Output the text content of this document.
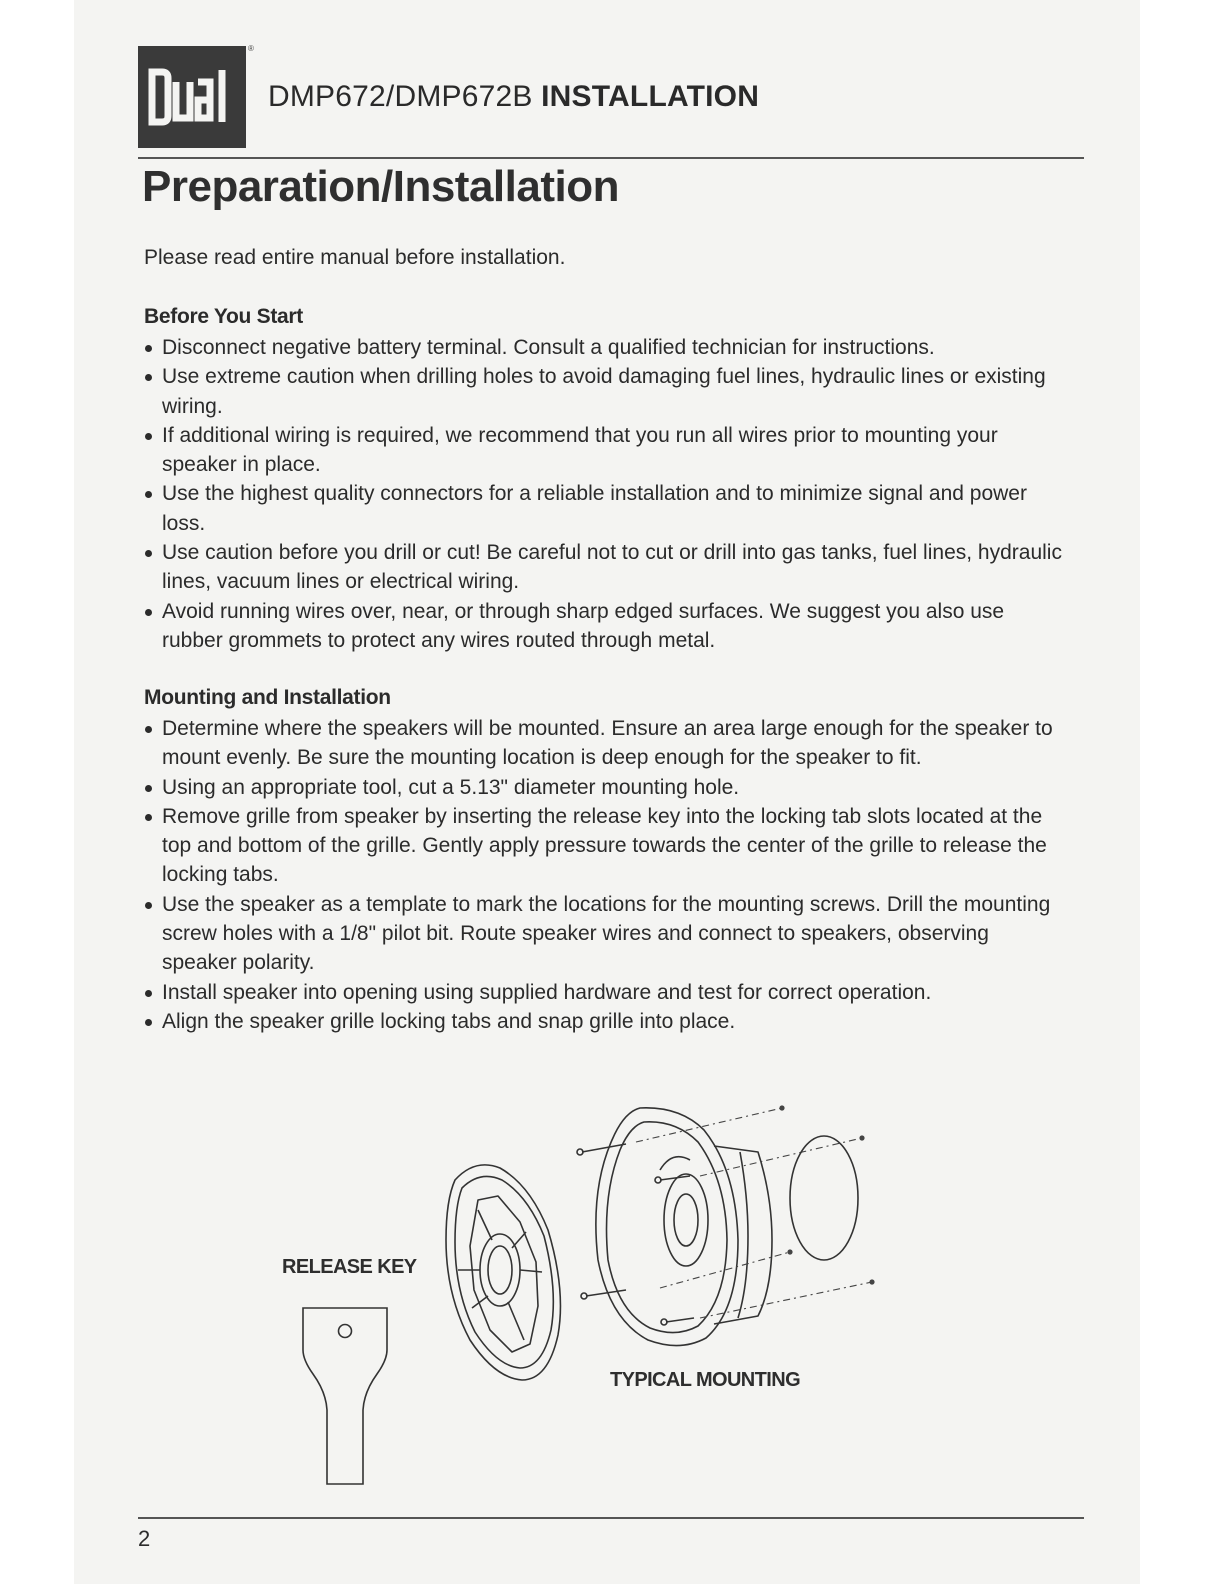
®
DMP672/DMP672B INSTALLATION
Preparation/Installation
Please read entire manual before installation.
Before You Start
Disconnect negative battery terminal. Consult a qualified technician for instructions.
Use extreme caution when drilling holes to avoid damaging fuel lines, hydraulic lines or existing wiring.
If additional wiring is required, we recommend that you run all wires prior to mounting your speaker in place.
Use the highest quality connectors for a reliable installation and to minimize signal and power loss.
Use caution before you drill or cut! Be careful not to cut or drill into gas tanks, fuel lines, hydraulic lines, vacuum lines or electrical wiring.
Avoid running wires over, near, or through sharp edged surfaces. We suggest you also use rubber grommets to protect any wires routed through metal.
Mounting and Installation
Determine where the speakers will be mounted. Ensure an area large enough for the speaker to mount evenly. Be sure the mounting location is deep enough for the speaker to fit.
Using an appropriate tool, cut a 5.13" diameter mounting hole.
Remove grille from speaker by inserting the release key into the locking tab slots located at the top and bottom of the grille. Gently apply pressure towards the center of the grille to release the locking tabs.
Use the speaker as a template to mark the locations for the mounting screws. Drill the mounting screw holes with a 1/8" pilot bit. Route speaker wires and connect to speakers, observing speaker polarity.
Install speaker into opening using supplied hardware and test for correct operation.
Align the speaker grille locking tabs and snap grille into place.
RELEASE KEY
TYPICAL MOUNTING
2
